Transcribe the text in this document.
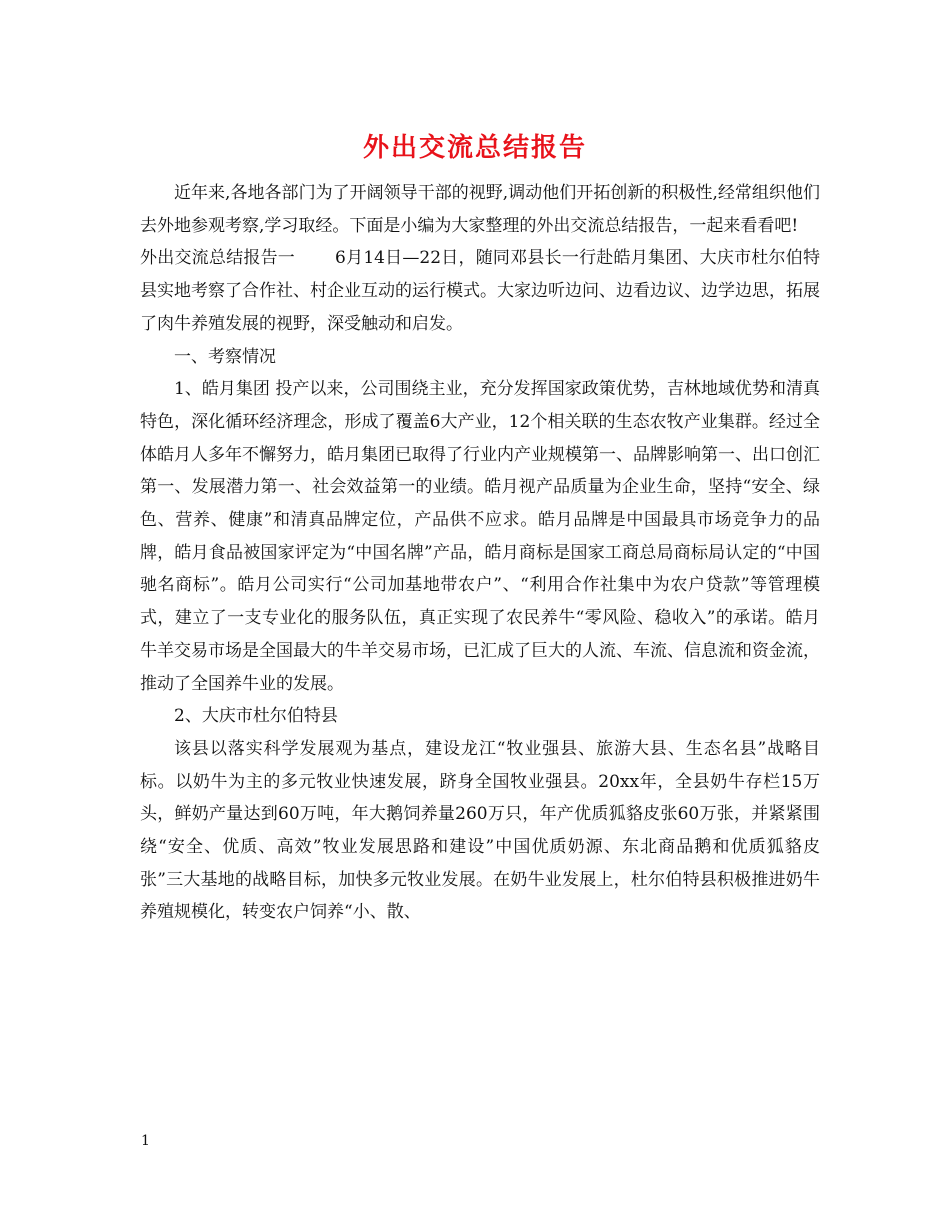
外出交流总结报告

近年来,各地各部门为了开阔领导干部的视野,调动他们开拓创新的积极性,经常组织他们去外地参观考察,学习取经。下面是小编为大家整理的外出交流总结报告，一起来看看吧!

外出交流总结报告一 6月14日—22日，随同邓县长一行赴皓月集团、大庆市杜尔伯特县实地考察了合作社、村企业互动的运行模式。大家边听边问、边看边议、边学边思，拓展了肉牛养殖发展的视野，深受触动和启发。

一、考察情况

1、皓月集团 投产以来，公司围绕主业，充分发挥国家政策优势，吉林地域优势和清真特色，深化循环经济理念，形成了覆盖6大产业，12个相关联的生态农牧产业集群。经过全体皓月人多年不懈努力，皓月集团已取得了行业内产业规模第一、品牌影响第一、出口创汇第一、发展潜力第一、社会效益第一的业绩。皓月视产品质量为企业生命，坚持“安全、绿色、营养、健康”和清真品牌定位，产品供不应求。皓月品牌是中国最具市场竞争力的品牌，皓月食品被国家评定为“中国名牌”产品，皓月商标是国家工商总局商标局认定的“中国驰名商标”。皓月公司实行“公司加基地带农户”、“利用合作社集中为农户贷款”等管理模式，建立了一支专业化的服务队伍，真正实现了农民养牛“零风险、稳收入”的承诺。皓月牛羊交易市场是全国最大的牛羊交易市场，已汇成了巨大的人流、车流、信息流和资金流，推动了全国养牛业的发展。

2、大庆市杜尔伯特县

该县以落实科学发展观为基点，建设龙江“牧业强县、旅游大县、生态名县”战略目标。以奶牛为主的多元牧业快速发展，跻身全国牧业强县。20xx年，全县奶牛存栏15万头，鲜奶产量达到60万吨，年大鹅饲养量260万只，年产优质狐貉皮张60万张，并紧紧围绕“安全、优质、高效”牧业发展思路和建设”中国优质奶源、东北商品鹅和优质狐貉皮张”三大基地的战略目标，加快多元牧业发展。在奶牛业发展上，杜尔伯特县积极推进奶牛养殖规模化，转变农户饲养“小、散、

1
